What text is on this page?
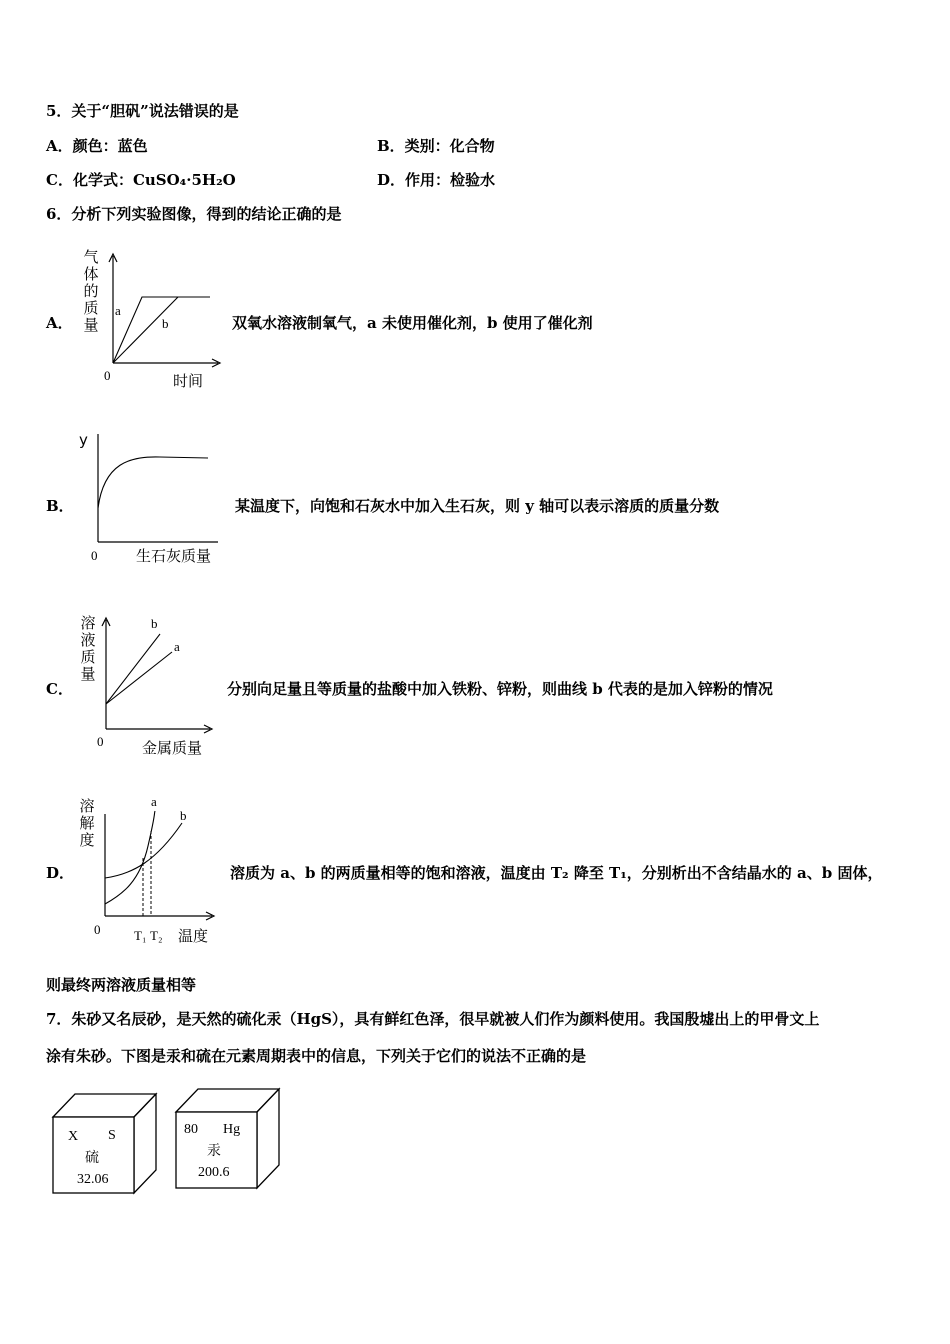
5．关于“胆矾”说法错误的是
A．颜色：蓝色	B．类别：化合物
C．化学式：CuSO₄·5H₂O	D．作用：检验水
6．分析下列实验图像，得到的结论正确的是
A．
气体的质量
a
b
0	时间
双氧水溶液制氧气，a 未使用催化剂，b 使用了催化剂
B．
y
0	生石灰质量
某温度下，向饱和石灰水中加入生石灰，则 y 轴可以表示溶质的质量分数
C．
溶液质量
b
a
0	金属质量
分别向足量且等质量的盐酸中加入铁粉、锌粉，则曲线 b 代表的是加入锌粉的情况
D．
溶解度
a
b
0	T₁ T₂ 温度
溶质为 a、b 的两质量相等的饱和溶液，温度由 T₂ 降至 T₁，分别析出不含结晶水的 a、b 固体，
则最终两溶液质量相等
7．朱砂又名辰砂，是天然的硫化汞（HgS），具有鲜红色泽，很早就被人们作为颜料使用。我国殷墟出上的甲骨文上
涂有朱砂。下图是汞和硫在元素周期表中的信息，下列关于它们的说法不正确的是
X S
硫
32.06
80 Hg
汞
200.6
